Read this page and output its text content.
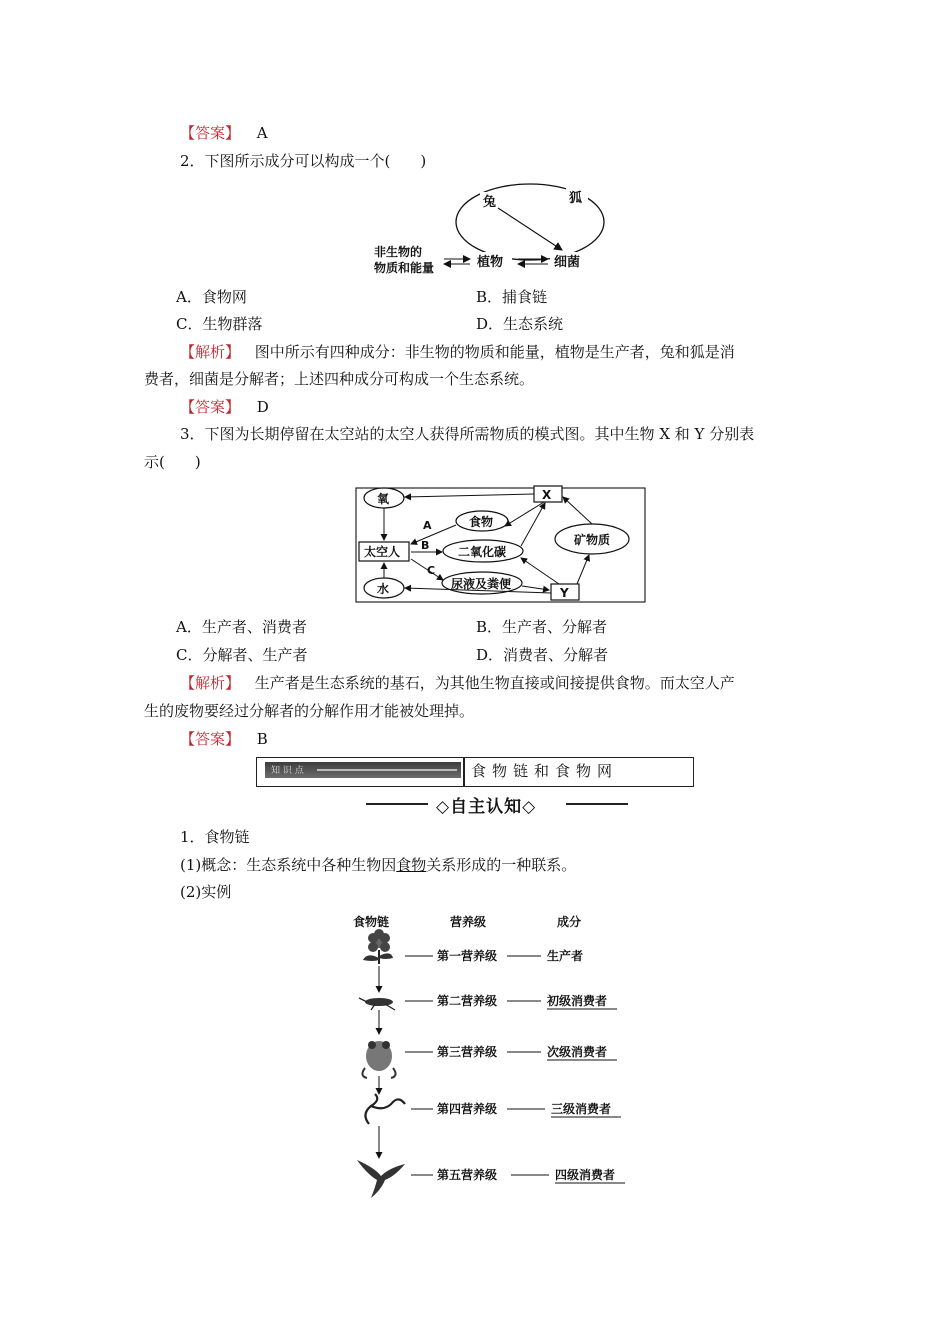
【答案】 A
2．下图所示成分可以构成一个(　　)
兔	狐
非生物的
物质和能量	植物	细菌
A．食物网	B．捕食链
C．生物群落	D．生态系统
【解析】 图中所示有四种成分：非生物的物质和能量，植物是生产者，兔和狐是消
费者，细菌是分解者；上述四种成分可构成一个生态系统。
【答案】 D
3．下图为长期停留在太空站的太空人获得所需物质的模式图。其中生物 X 和 Y 分别表
示(　　)
氧	X
食物
A
B
C
太空人	二氧化碳
矿物质
尿液及粪便
水	Y
A．生产者、消费者	B．生产者、分解者
C．分解者、生产者	D．消费者、分解者
【解析】 生产者是生态系统的基石，为其他生物直接或间接提供食物。而太空人产
生的废物要经过分解者的分解作用才能被处理掉。
【答案】 B
知 识 点	食物链和食物网
◇自主认知◇
1．食物链
(1)概念：生态系统中各种生物因食物关系形成的一种联系。
(2)实例
食物链	营养级	成分
第一营养级	生产者
第二营养级	初级消费者
第三营养级	次级消费者
第四营养级	三级消费者
第五营养级	四级消费者
